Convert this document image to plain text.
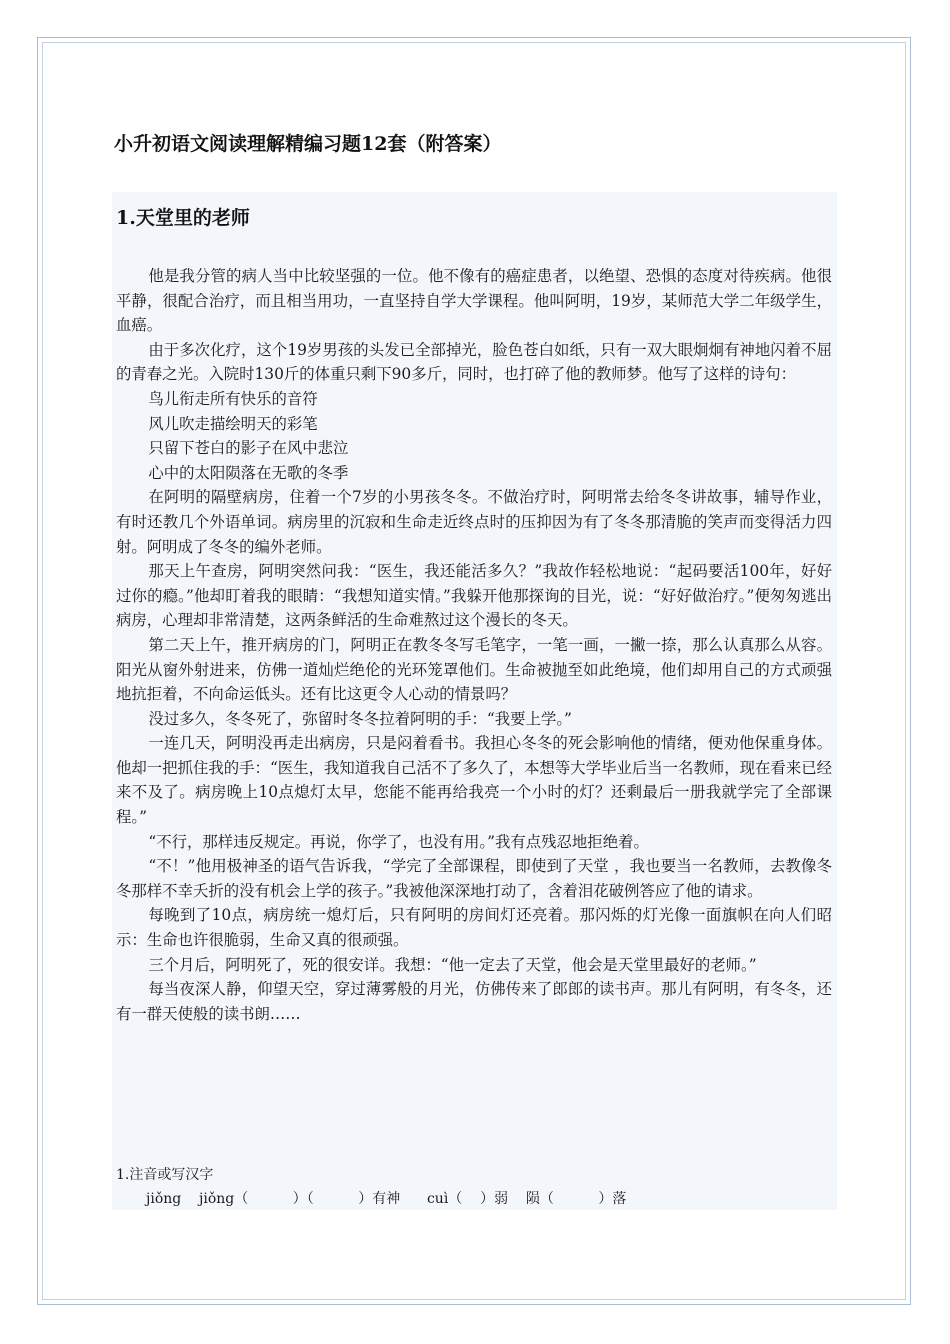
小升初语文阅读理解精编习题12套（附答案）
1.天堂里的老师

他是我分管的病人当中比较坚强的一位。他不像有的癌症患者，以绝望、恐惧的态度对待疾病。他很平静，很配合治疗，而且相当用功，一直坚持自学大学课程。他叫阿明，19岁，某师范大学二年级学生，血癌。

由于多次化疗，这个19岁男孩的头发已全部掉光，脸色苍白如纸，只有一双大眼炯炯有神地闪着不屈的青春之光。入院时130斤的体重只剩下90多斤，同时，也打碎了他的教师梦。他写了这样的诗句：

鸟儿衔走所有快乐的音符

风儿吹走描绘明天的彩笔

只留下苍白的影子在风中悲泣

心中的太阳陨落在无歌的冬季

在阿明的隔壁病房，住着一个7岁的小男孩冬冬。不做治疗时，阿明常去给冬冬讲故事，辅导作业，有时还教几个外语单词。病房里的沉寂和生命走近终点时的压抑因为有了冬冬那清脆的笑声而变得活力四射。阿明成了冬冬的编外老师。

那天上午查房，阿明突然问我：“医生，我还能活多久？”我故作轻松地说：“起码要活100年，好好过你的瘾。”他却盯着我的眼睛：“我想知道实情。”我躲开他那探询的目光，说：“好好做治疗。”便匆匆逃出病房，心理却非常清楚，这两条鲜活的生命难熬过这个漫长的冬天。

第二天上午，推开病房的门，阿明正在教冬冬写毛笔字，一笔一画，一撇一捺，那么认真那么从容。阳光从窗外射进来，仿佛一道灿烂绝伦的光环笼罩他们。生命被抛至如此绝境，他们却用自己的方式顽强地抗拒着，不向命运低头。还有比这更令人心动的情景吗？

没过多久，冬冬死了，弥留时冬冬拉着阿明的手：“我要上学。”

一连几天，阿明没再走出病房，只是闷着看书。我担心冬冬的死会影响他的情绪，便劝他保重身体。他却一把抓住我的手：“医生，我知道我自己活不了多久了，本想等大学毕业后当一名教师，现在看来已经来不及了。病房晚上10点熄灯太早，您能不能再给我亮一个小时的灯？还剩最后一册我就学完了全部课程。”

“不行，那样违反规定。再说，你学了，也没有用。”我有点残忍地拒绝着。

“不！”他用极神圣的语气告诉我，“学完了全部课程，即使到了天堂 ，我也要当一名教师，去教像冬冬那样不幸夭折的没有机会上学的孩子。”我被他深深地打动了，含着泪花破例答应了他的请求。

每晚到了10点，病房统一熄灯后，只有阿明的房间灯还亮着。那闪烁的灯光像一面旗帜在向人们昭示：生命也许很脆弱，生命又真的很顽强。

三个月后，阿明死了，死的很安详。我想：“他一定去了天堂，他会是天堂里最好的老师。”

每当夜深人静，仰望天空，穿过薄雾般的月光，仿佛传来了郎郎的读书声。那儿有阿明，有冬冬，还有一群天使般的读书朗……

1.注音或写汉字
jiǒng    jiǒng（          ）（          ）有神      cuì（    ）弱    陨（          ）落
